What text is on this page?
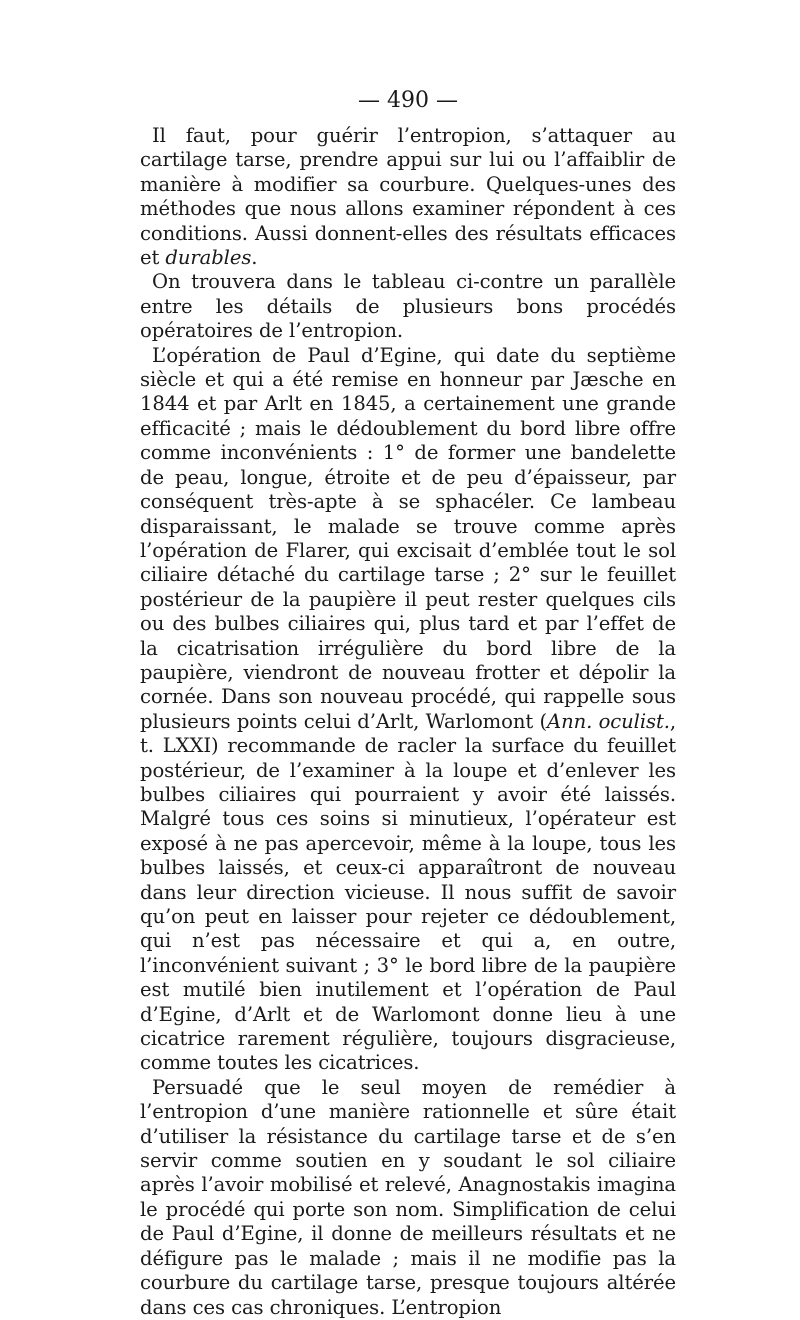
— 490 —

Il faut, pour guérir l’entropion, s’attaquer au cartilage tarse, prendre appui sur lui ou l’affaiblir de manière à modifier sa courbure. Quelques-unes des méthodes que nous allons examiner répondent à ces conditions. Aussi donnent-elles des résultats efficaces et durables.

On trouvera dans le tableau ci-contre un parallèle entre les détails de plusieurs bons procédés opératoires de l’entropion.

L’opération de Paul d’Egine, qui date du septième siècle et qui a été remise en honneur par Jæsche en 1844 et par Arlt en 1845, a certainement une grande efficacité ; mais le dédoublement du bord libre offre comme inconvénients : 1° de former une bandelette de peau, longue, étroite et de peu d’épaisseur, par conséquent très-apte à se sphacéler. Ce lambeau disparaissant, le malade se trouve comme après l’opération de Flarer, qui excisait d’emblée tout le sol ciliaire détaché du cartilage tarse ; 2° sur le feuillet postérieur de la paupière il peut rester quelques cils ou des bulbes ciliaires qui, plus tard et par l’effet de la cicatrisation irrégulière du bord libre de la paupière, viendront de nouveau frotter et dépolir la cornée. Dans son nouveau procédé, qui rappelle sous plusieurs points celui d’Arlt, Warlomont (Ann. oculist., t. LXXI) recommande de racler la surface du feuillet postérieur, de l’examiner à la loupe et d’enlever les bulbes ciliaires qui pourraient y avoir été laissés. Malgré tous ces soins si minutieux, l’opérateur est exposé à ne pas apercevoir, même à la loupe, tous les bulbes laissés, et ceux-ci apparaîtront de nouveau dans leur direction vicieuse. Il nous suffit de savoir qu’on peut en laisser pour rejeter ce dédoublement, qui n’est pas nécessaire et qui a, en outre, l’inconvénient suivant ; 3° le bord libre de la paupière est mutilé bien inutilement et l’opération de Paul d’Egine, d’Arlt et de Warlomont donne lieu à une cicatrice rarement régulière, toujours disgracieuse, comme toutes les cicatrices.

Persuadé que le seul moyen de remédier à l’entropion d’une manière rationnelle et sûre était d’utiliser la résistance du cartilage tarse et de s’en servir comme soutien en y soudant le sol ciliaire après l’avoir mobilisé et relevé, Anagnostakis imagina le procédé qui porte son nom. Simplification de celui de Paul d’Egine, il donne de meilleurs résultats et ne défigure pas le malade ; mais il ne modifie pas la courbure du cartilage tarse, presque toujours altérée dans ces cas chroniques. L’entropion
